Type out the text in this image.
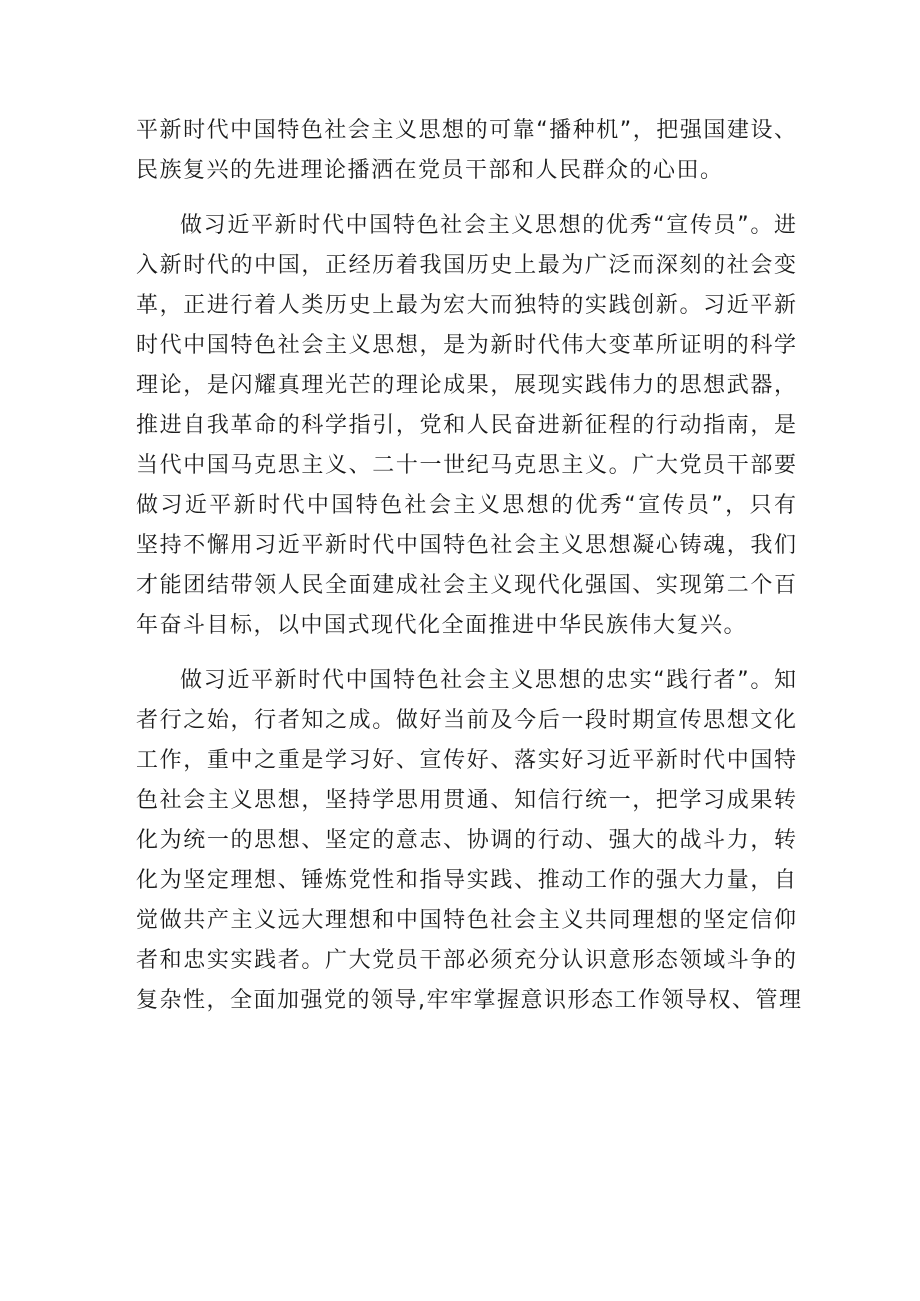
平新时代中国特色社会主义思想的可靠“播种机”，把强国建设、
民族复兴的先进理论播洒在党员干部和人民群众的心田。
做习近平新时代中国特色社会主义思想的优秀“宣传员”。进
入新时代的中国，正经历着我国历史上最为广泛而深刻的社会变
革，正进行着人类历史上最为宏大而独特的实践创新。习近平新
时代中国特色社会主义思想，是为新时代伟大变革所证明的科学
理论，是闪耀真理光芒的理论成果，展现实践伟力的思想武器，
推进自我革命的科学指引，党和人民奋进新征程的行动指南，是
当代中国马克思主义、二十一世纪马克思主义。广大党员干部要
做习近平新时代中国特色社会主义思想的优秀“宣传员”，只有
坚持不懈用习近平新时代中国特色社会主义思想凝心铸魂，我们
才能团结带领人民全面建成社会主义现代化强国、实现第二个百
年奋斗目标，以中国式现代化全面推进中华民族伟大复兴。
做习近平新时代中国特色社会主义思想的忠实“践行者”。知
者行之始，行者知之成。做好当前及今后一段时期宣传思想文化
工作，重中之重是学习好、宣传好、落实好习近平新时代中国特
色社会主义思想，坚持学思用贯通、知信行统一，把学习成果转
化为统一的思想、坚定的意志、协调的行动、强大的战斗力，转
化为坚定理想、锤炼党性和指导实践、推动工作的强大力量，自
觉做共产主义远大理想和中国特色社会主义共同理想的坚定信仰
者和忠实实践者。广大党员干部必须充分认识意形态领域斗争的
复杂性，全面加强党的领导,牢牢掌握意识形态工作领导权、管理
